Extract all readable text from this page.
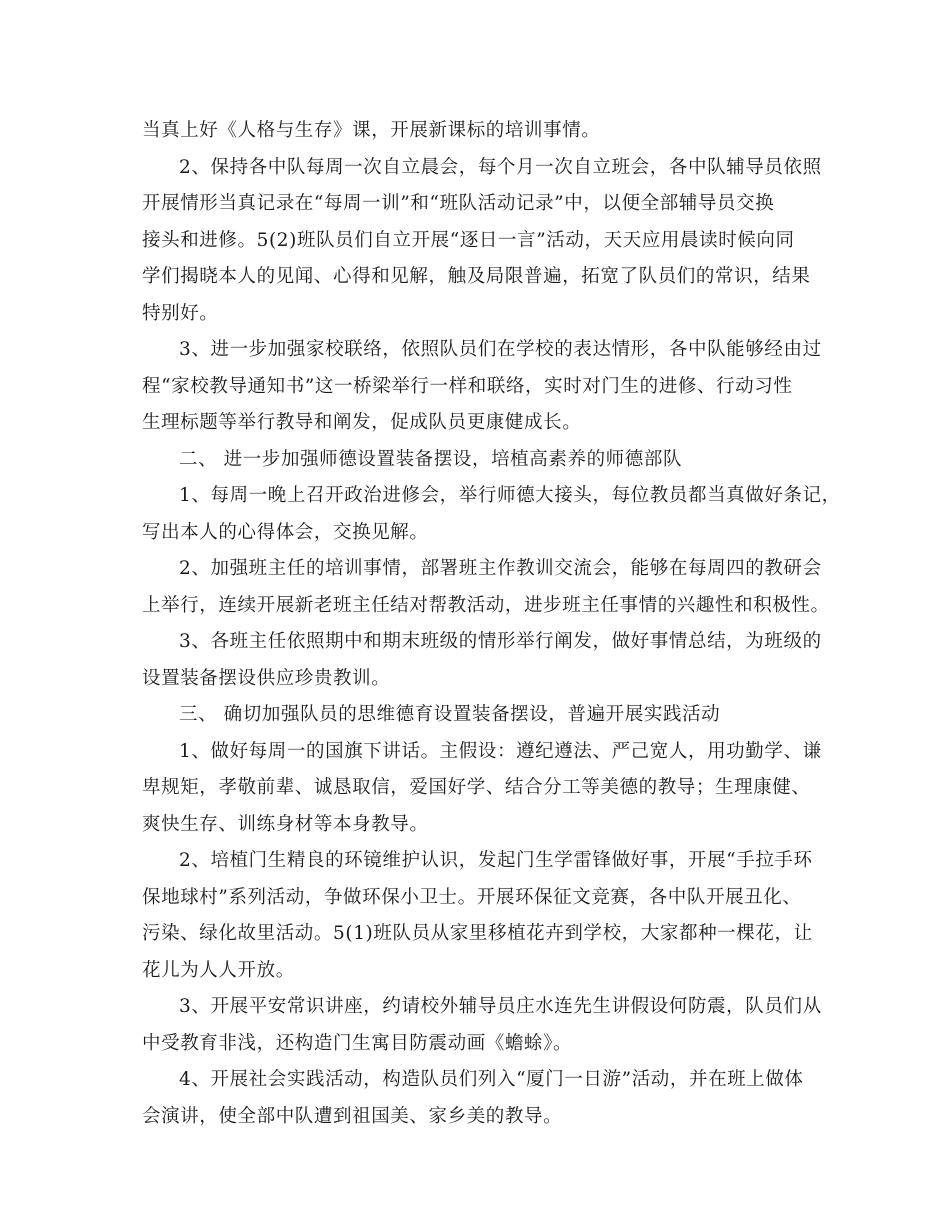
当真上好《人格与生存》课，开展新课标的培训事情。
2、保持各中队每周一次自立晨会，每个月一次自立班会，各中队辅导员依照
开展情形当真记录在“每周一训”和“班队活动记录”中，以便全部辅导员交换
接头和进修。5(2)班队员们自立开展“逐日一言”活动，天天应用晨读时候向同
学们揭晓本人的见闻、心得和见解，触及局限普遍，拓宽了队员们的常识，结果
特别好。
3、进一步加强家校联络，依照队员们在学校的表达情形，各中队能够经由过
程“家校教导通知书”这一桥梁举行一样和联络，实时对门生的进修、行动习性
生理标题等举行教导和阐发，促成队员更康健成长。
二、 进一步加强师德设置装备摆设，培植高素养的师德部队
1、每周一晚上召开政治进修会，举行师德大接头，每位教员都当真做好条记，
写出本人的心得体会，交换见解。
2、加强班主任的培训事情，部署班主作教训交流会，能够在每周四的教研会
上举行，连续开展新老班主任结对帮教活动，进步班主任事情的兴趣性和积极性。
3、各班主任依照期中和期末班级的情形举行阐发，做好事情总结，为班级的
设置装备摆设供应珍贵教训。
三、 确切加强队员的思维德育设置装备摆设，普遍开展实践活动
1、做好每周一的国旗下讲话。主假设：遵纪遵法、严己宽人，用功勤学、谦
卑规矩，孝敬前辈、诚恳取信，爱国好学、结合分工等美德的教导；生理康健、
爽快生存、训练身材等本身教导。
2、培植门生精良的环镜维护认识，发起门生学雷锋做好事，开展“手拉手环
保地球村”系列活动，争做环保小卫士。开展环保征文竞赛，各中队开展丑化、
污染、绿化故里活动。5(1)班队员从家里移植花卉到学校，大家都种一棵花，让
花儿为人人开放。
3、开展平安常识讲座，约请校外辅导员庄水连先生讲假设何防震，队员们从
中受教育非浅，还构造门生寓目防震动画《蟾蜍》。
4、开展社会实践活动，构造队员们列入“厦门一日游”活动，并在班上做体
会演讲，使全部中队遭到祖国美、家乡美的教导。
